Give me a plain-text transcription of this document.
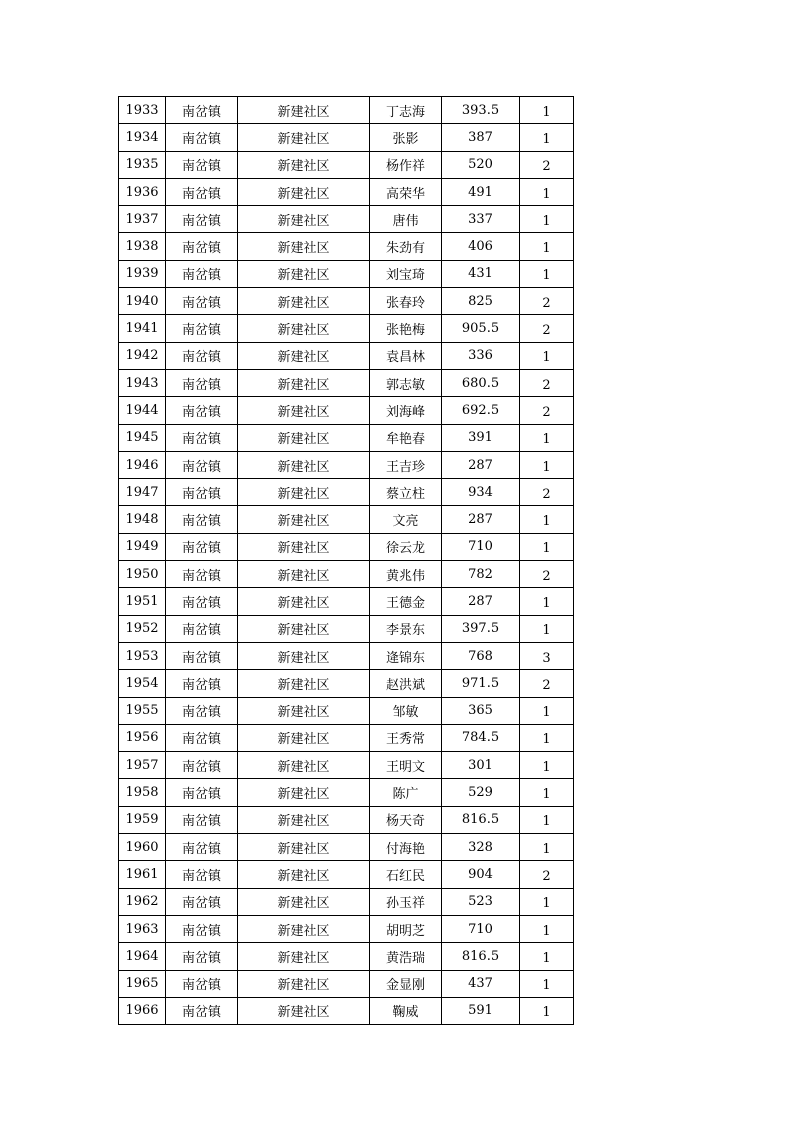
1933	南岔镇	新建社区	丁志海	393.5	1
1934	南岔镇	新建社区	张影	387	1
1935	南岔镇	新建社区	杨作祥	520	2
1936	南岔镇	新建社区	高荣华	491	1
1937	南岔镇	新建社区	唐伟	337	1
1938	南岔镇	新建社区	朱劲有	406	1
1939	南岔镇	新建社区	刘宝琦	431	1
1940	南岔镇	新建社区	张春玲	825	2
1941	南岔镇	新建社区	张艳梅	905.5	2
1942	南岔镇	新建社区	袁昌林	336	1
1943	南岔镇	新建社区	郭志敏	680.5	2
1944	南岔镇	新建社区	刘海峰	692.5	2
1945	南岔镇	新建社区	牟艳春	391	1
1946	南岔镇	新建社区	王吉珍	287	1
1947	南岔镇	新建社区	蔡立柱	934	2
1948	南岔镇	新建社区	文亮	287	1
1949	南岔镇	新建社区	徐云龙	710	1
1950	南岔镇	新建社区	黄兆伟	782	2
1951	南岔镇	新建社区	王德金	287	1
1952	南岔镇	新建社区	李景东	397.5	1
1953	南岔镇	新建社区	逄锦东	768	3
1954	南岔镇	新建社区	赵洪斌	971.5	2
1955	南岔镇	新建社区	邹敏	365	1
1956	南岔镇	新建社区	王秀常	784.5	1
1957	南岔镇	新建社区	王明文	301	1
1958	南岔镇	新建社区	陈广	529	1
1959	南岔镇	新建社区	杨天奇	816.5	1
1960	南岔镇	新建社区	付海艳	328	1
1961	南岔镇	新建社区	石红民	904	2
1962	南岔镇	新建社区	孙玉祥	523	1
1963	南岔镇	新建社区	胡明芝	710	1
1964	南岔镇	新建社区	黄浩瑞	816.5	1
1965	南岔镇	新建社区	金显刚	437	1
1966	南岔镇	新建社区	鞠威	591	1
